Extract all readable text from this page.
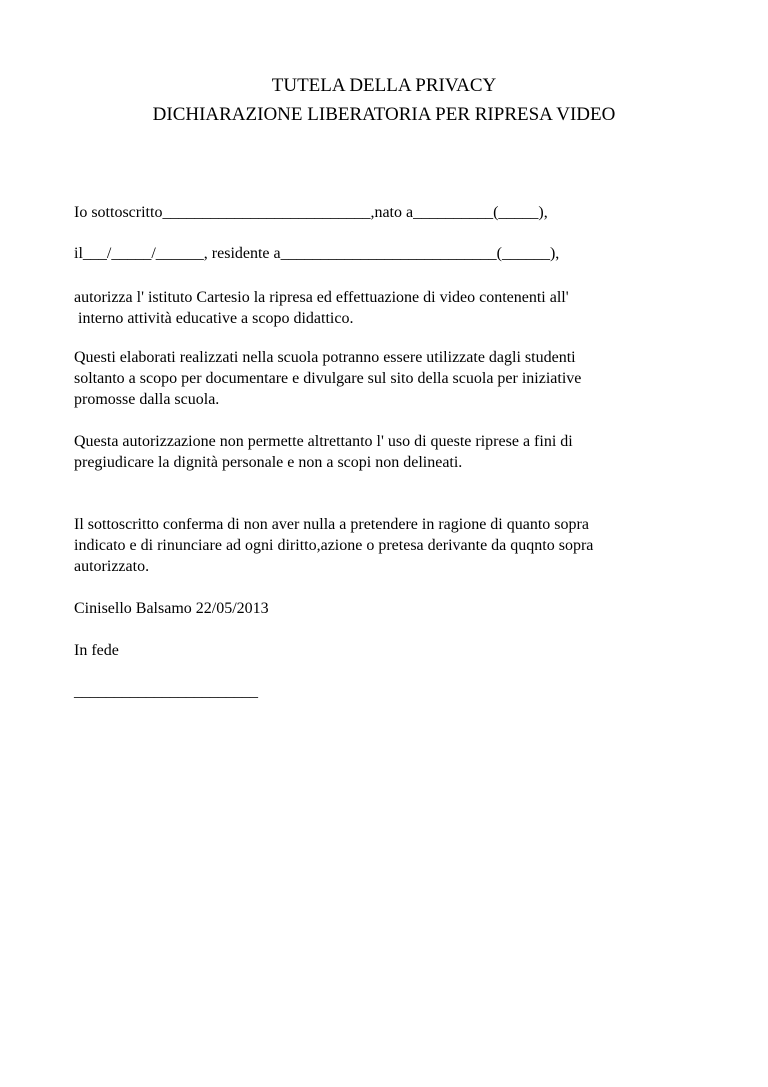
TUTELA DELLA PRIVACY
DICHIARAZIONE LIBERATORIA PER RIPRESA VIDEO
Io sottoscritto__________________________,nato a__________(_____),
il___/_____/______, residente a___________________________(______),
autorizza l' istituto Cartesio la ripresa ed effettuazione di video contenenti all'
interno attività educative a scopo didattico.
Questi elaborati realizzati nella scuola potranno essere utilizzate dagli studenti
soltanto a scopo per documentare e divulgare sul sito della scuola per iniziative
promosse dalla scuola.
Questa autorizzazione non permette altrettanto l' uso di queste riprese a fini di
pregiudicare la dignità personale e non a scopi non delineati.
Il sottoscritto conferma di non aver nulla a pretendere in ragione di quanto sopra
indicato e di rinunciare ad ogni diritto,azione o pretesa derivante da quqnto sopra
autorizzato.
Cinisello Balsamo 22/05/2013
In fede
_______________________
